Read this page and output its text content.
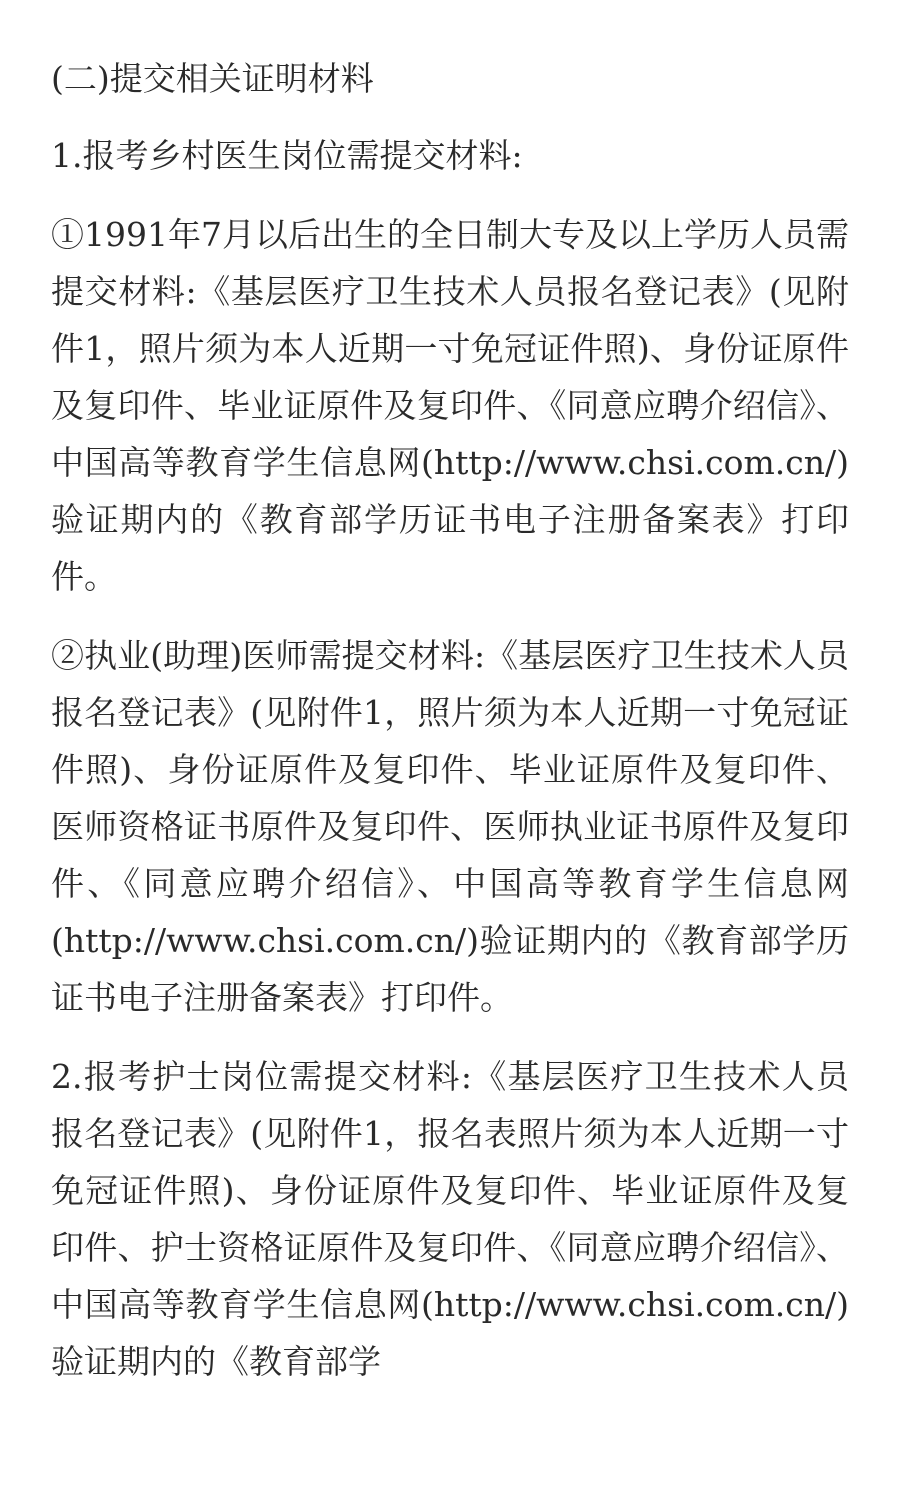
(二)提交相关证明材料

1.报考乡村医生岗位需提交材料:

①1991年7月以后出生的全日制大专及以上学历人员需提交材料:《基层医疗卫生技术人员报名登记表》(见附件1，照片须为本人近期一寸免冠证件照)、身份证原件及复印件、毕业证原件及复印件、《同意应聘介绍信》、中国高等教育学生信息网(http://www.chsi.com.cn/)验证期内的《教育部学历证书电子注册备案表》打印件。

②执业(助理)医师需提交材料:《基层医疗卫生技术人员报名登记表》(见附件1，照片须为本人近期一寸免冠证件照)、身份证原件及复印件、毕业证原件及复印件、医师资格证书原件及复印件、医师执业证书原件及复印件、《同意应聘介绍信》、中国高等教育学生信息网(http://www.chsi.com.cn/)验证期内的《教育部学历证书电子注册备案表》打印件。

2.报考护士岗位需提交材料:《基层医疗卫生技术人员报名登记表》(见附件1，报名表照片须为本人近期一寸免冠证件照)、身份证原件及复印件、毕业证原件及复印件、护士资格证原件及复印件、《同意应聘介绍信》、中国高等教育学生信息网(http://www.chsi.com.cn/)验证期内的《教育部学
